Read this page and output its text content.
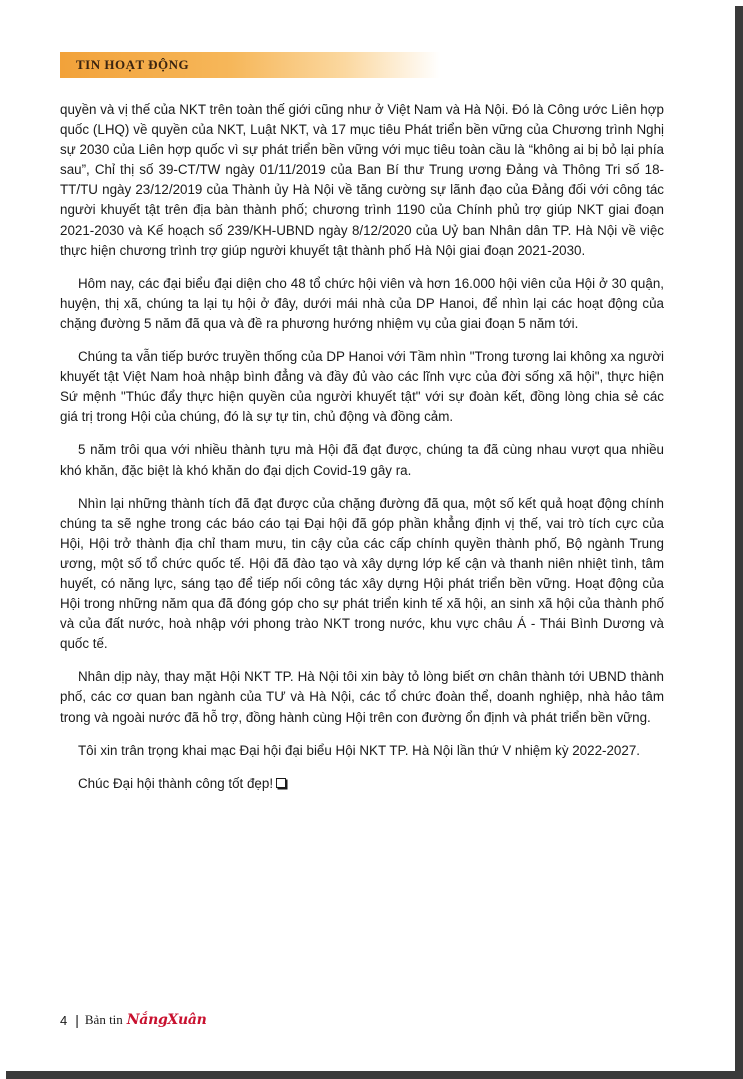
TIN HOẠT ĐỘNG

quyền và vị thế của NKT trên toàn thế giới cũng như ở Việt Nam và Hà Nội. Đó là Công ước Liên hợp quốc (LHQ) về quyền của NKT, Luật NKT, và 17 mục tiêu Phát triển bền vững của Chương trình Nghị sự 2030 của Liên hợp quốc vì sự phát triển bền vững với mục tiêu toàn cầu là “không ai bị bỏ lại phía sau”, Chỉ thị số 39-CT/TW ngày 01/11/2019 của Ban Bí thư Trung ương Đảng và Thông Tri số 18-TT/TU ngày 23/12/2019 của Thành ủy Hà Nội về tăng cường sự lãnh đạo của Đảng đối với công tác người khuyết tật trên địa bàn thành phố; chương trình 1190 của Chính phủ trợ giúp NKT giai đoạn 2021-2030 và Kế hoạch số 239/KH-UBND ngày 8/12/2020 của Uỷ ban Nhân dân TP. Hà Nội về việc thực hiện chương trình trợ giúp người khuyết tật thành phố Hà Nội giai đoạn 2021-2030.

Hôm nay, các đại biểu đại diện cho 48 tổ chức hội viên và hơn 16.000 hội viên của Hội ở 30 quận, huyện, thị xã, chúng ta lại tụ hội ở đây, dưới mái nhà của DP Hanoi, để nhìn lại các hoạt động của chặng đường 5 năm đã qua và đề ra phương hướng nhiệm vụ của giai đoạn 5 năm tới.

Chúng ta vẫn tiếp bước truyền thống của DP Hanoi với Tầm nhìn "Trong tương lai không xa người khuyết tật Việt Nam hoà nhập bình đẳng và đầy đủ vào các lĩnh vực của đời sống xã hội", thực hiện Sứ mệnh "Thúc đẩy thực hiện quyền của người khuyết tật" với sự đoàn kết, đồng lòng chia sẻ các giá trị trong Hội của chúng, đó là sự tự tin, chủ động và đồng cảm.

5 năm trôi qua với nhiều thành tựu mà Hội đã đạt được, chúng ta đã cùng nhau vượt qua nhiều khó khăn, đặc biệt là khó khăn do đại dịch Covid-19 gây ra.

Nhìn lại những thành tích đã đạt được của chặng đường đã qua, một số kết quả hoạt động chính chúng ta sẽ nghe trong các báo cáo tại Đại hội đã góp phần khẳng định vị thế, vai trò tích cực của Hội, Hội trở thành địa chỉ tham mưu, tin cậy của các cấp chính quyền thành phố, Bộ ngành Trung ương, một số tổ chức quốc tế. Hội đã đào tạo và xây dựng lớp kế cận và thanh niên nhiệt tình, tâm huyết, có năng lực, sáng tạo để tiếp nối công tác xây dựng Hội phát triển bền vững. Hoạt động của Hội trong những năm qua đã đóng góp cho sự phát triển kinh tế xã hội, an sinh xã hội của thành phố và của đất nước, hoà nhập với phong trào NKT trong nước, khu vực châu Á - Thái Bình Dương và quốc tế.

Nhân dịp này, thay mặt Hội NKT TP. Hà Nội tôi xin bày tỏ lòng biết ơn chân thành tới UBND thành phố, các cơ quan ban ngành của TƯ và Hà Nội, các tổ chức đoàn thể, doanh nghiệp, nhà hảo tâm trong và ngoài nước đã hỗ trợ, đồng hành cùng Hội trên con đường ổn định và phát triển bền vững.

Tôi xin trân trọng khai mạc Đại hội đại biểu Hội NKT TP. Hà Nội lần thứ V nhiệm kỳ 2022-2027.

Chúc Đại hội thành công tốt đẹp!

4 | Bản tin NắngXuân
